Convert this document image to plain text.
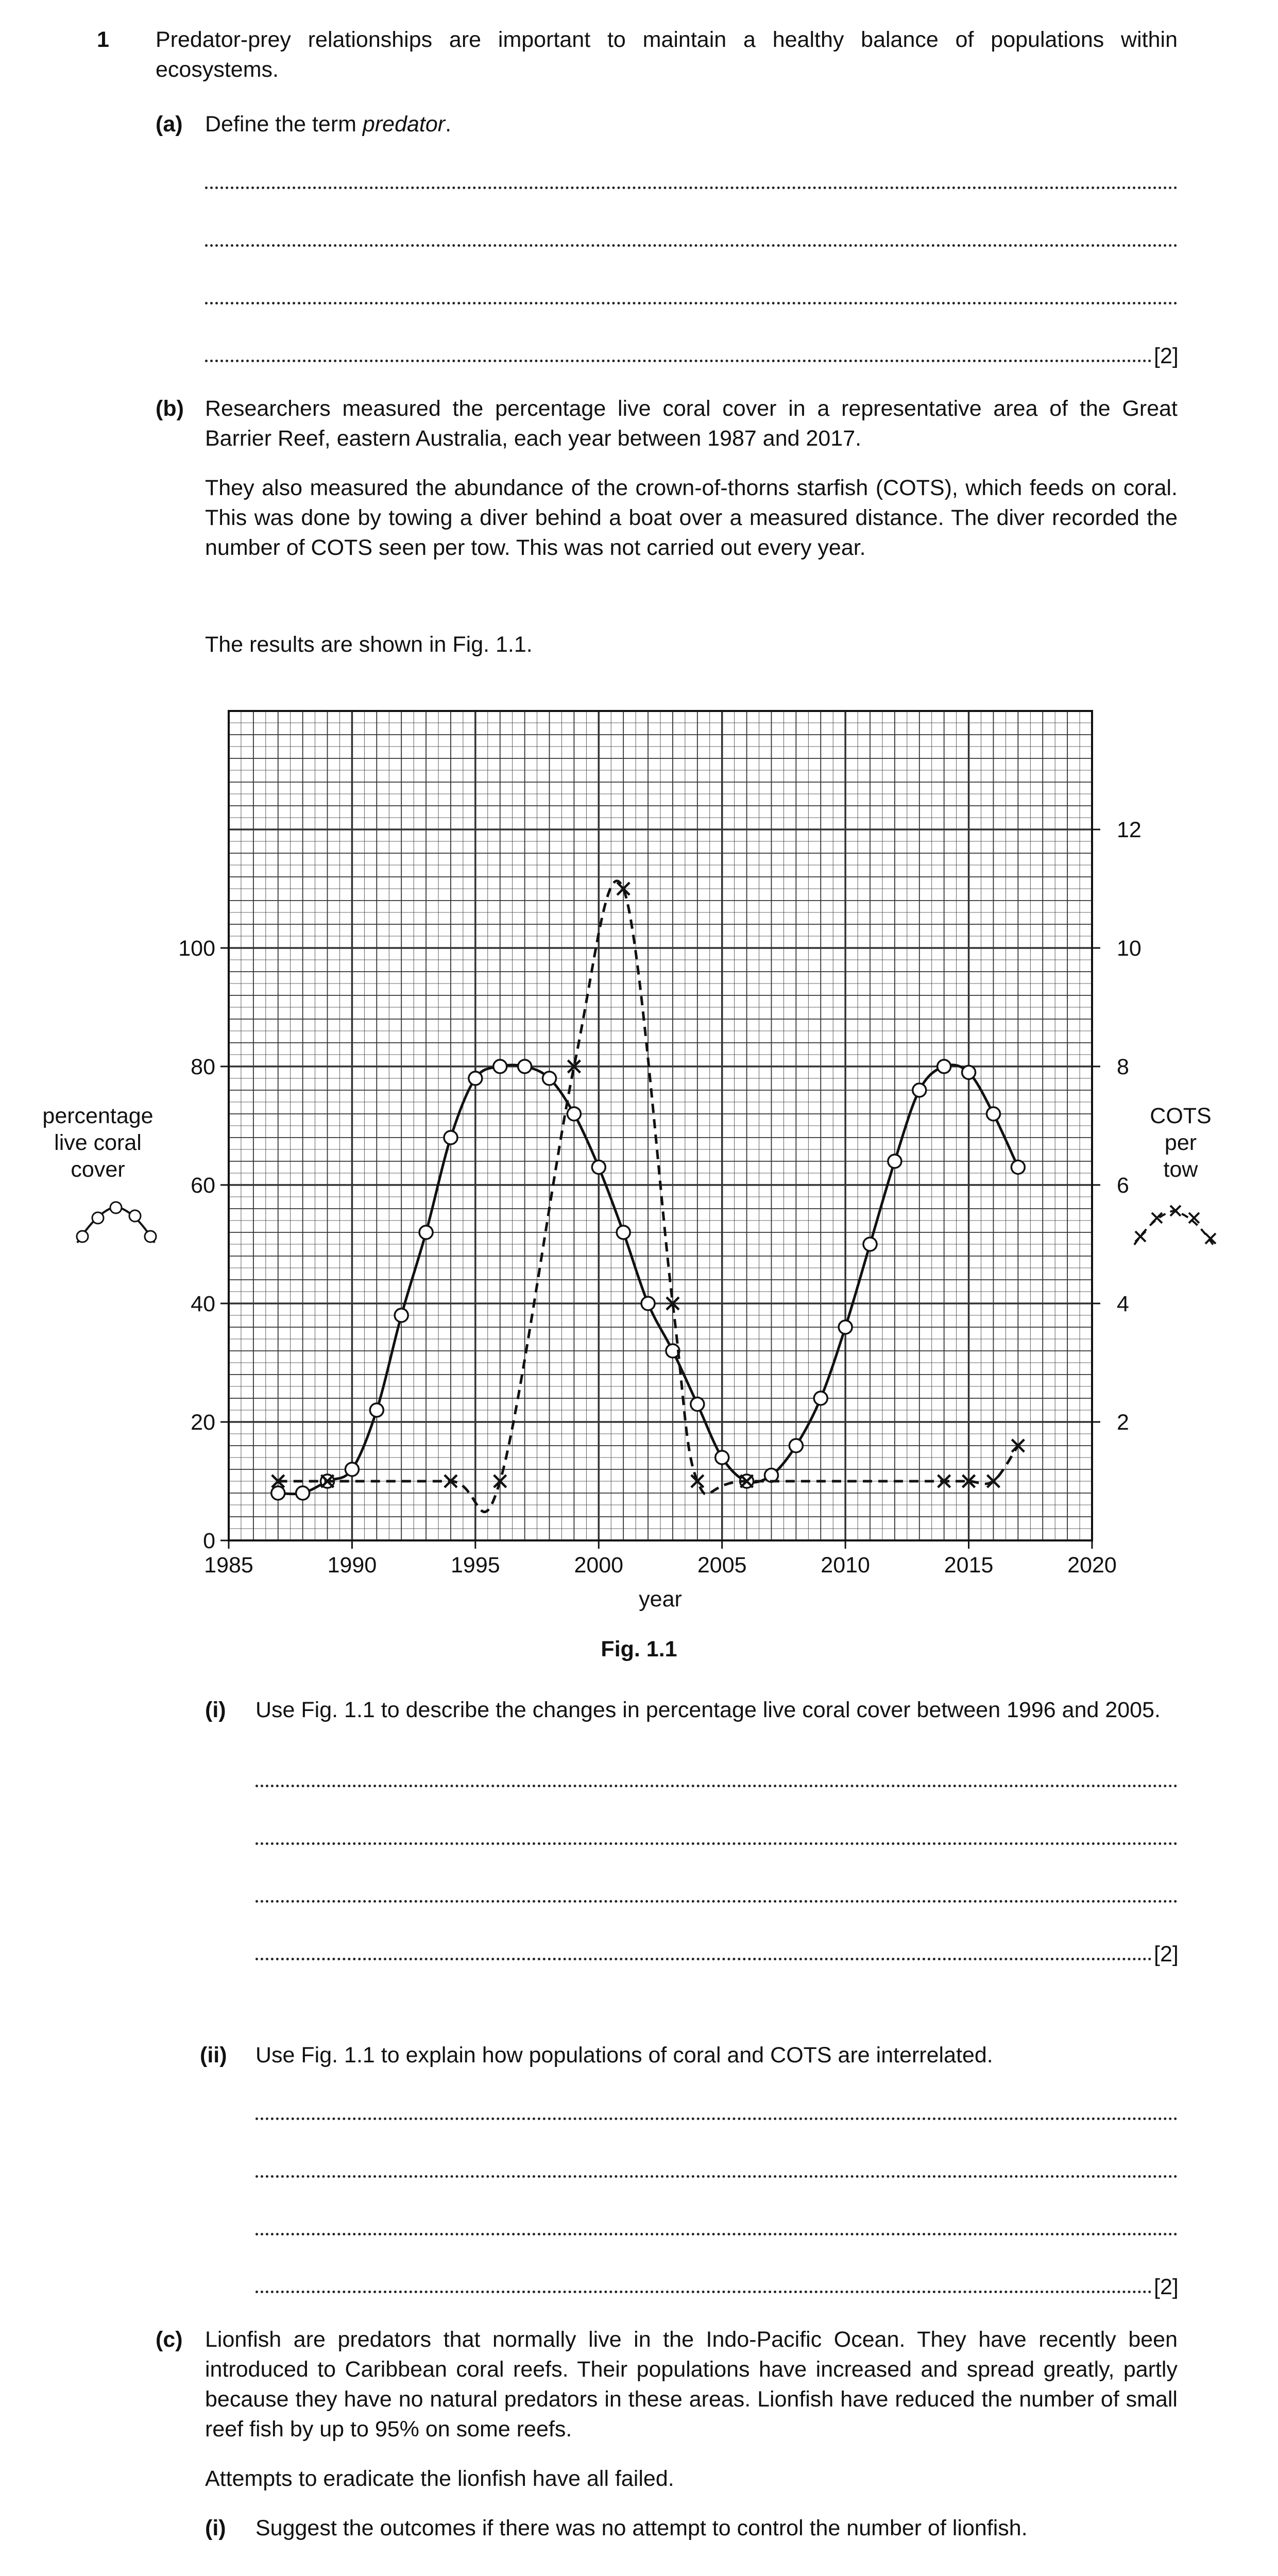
1 Predator-prey relationships are important to maintain a healthy balance of populations within ecosystems.
(a) Define the term predator.
[2]
(b) Researchers measured the percentage live coral cover in a representative area of the Great Barrier Reef, eastern Australia, each year between 1987 and 2017.
They also measured the abundance of the crown-of-thorns starfish (COTS), which feeds on coral. This was done by towing a diver behind a boat over a measured distance. The diver recorded the number of COTS seen per tow. This was not carried out every year.
The results are shown in Fig. 1.1.
1985	1990	1995	2000	2005	2010	2015	2020
year
0
20
40
60
80
100
2
4
6
8
10
12
percentage
live coral
cover
COTS
per
tow
Fig. 1.1
(i) Use Fig. 1.1 to describe the changes in percentage live coral cover between 1996 and 2005.
[2]
(ii) Use Fig. 1.1 to explain how populations of coral and COTS are interrelated.
[2]
(c) Lionfish are predators that normally live in the Indo-Pacific Ocean. They have recently been introduced to Caribbean coral reefs. Their populations have increased and spread greatly, partly because they have no natural predators in these areas. Lionfish have reduced the number of small reef fish by up to 95% on some reefs.
Attempts to eradicate the lionfish have all failed.
(i) Suggest the outcomes if there was no attempt to control the number of lionfish.
